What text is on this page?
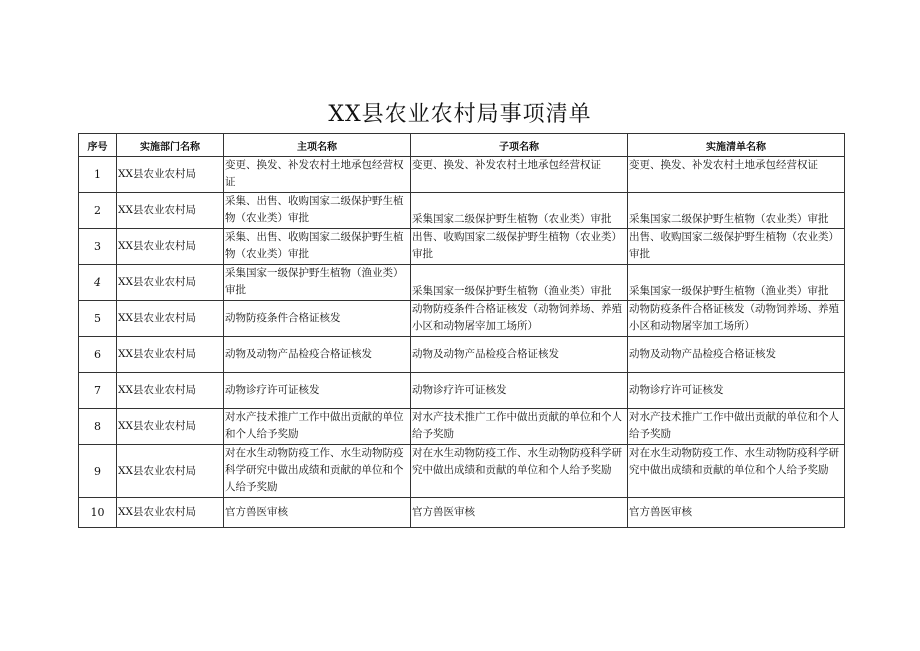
XX县农业农村局事项清单
序号	实施部门名称	主项名称	子项名称	实施清单名称
1	XX县农业农村局	变更、换发、补发农村土地承包经营权证	变更、换发、补发农村土地承包经营权证	变更、换发、补发农村土地承包经营权证
2	XX县农业农村局	采集、出售、收购国家二级保护野生植物（农业类）审批	采集国家二级保护野生植物（农业类）审批	采集国家二级保护野生植物（农业类）审批
3	XX县农业农村局	采集、出售、收购国家二级保护野生植物（农业类）审批	出售、收购国家二级保护野生植物（农业类）审批	出售、收购国家二级保护野生植物（农业类）审批
4	XX县农业农村局	采集国家一级保护野生植物（渔业类）审批	采集国家一级保护野生植物（渔业类）审批	采集国家一级保护野生植物（渔业类）审批
5	XX县农业农村局	动物防疫条件合格证核发	动物防疫条件合格证核发（动物饲养场、养殖小区和动物屠宰加工场所）	动物防疫条件合格证核发（动物饲养场、养殖小区和动物屠宰加工场所）
6	XX县农业农村局	动物及动物产品检疫合格证核发	动物及动物产品检疫合格证核发	动物及动物产品检疫合格证核发
7	XX县农业农村局	动物诊疗许可证核发	动物诊疗许可证核发	动物诊疗许可证核发
8	XX县农业农村局	对水产技术推广工作中做出贡献的单位和个人给予奖励	对水产技术推广工作中做出贡献的单位和个人给予奖励	对水产技术推广工作中做出贡献的单位和个人给予奖励
9	XX县农业农村局	对在水生动物防疫工作、水生动物防疫科学研究中做出成绩和贡献的单位和个人给予奖励	对在水生动物防疫工作、水生动物防疫科学研究中做出成绩和贡献的单位和个人给予奖励	对在水生动物防疫工作、水生动物防疫科学研究中做出成绩和贡献的单位和个人给予奖励
10	XX县农业农村局	官方兽医审核	官方兽医审核	官方兽医审核
